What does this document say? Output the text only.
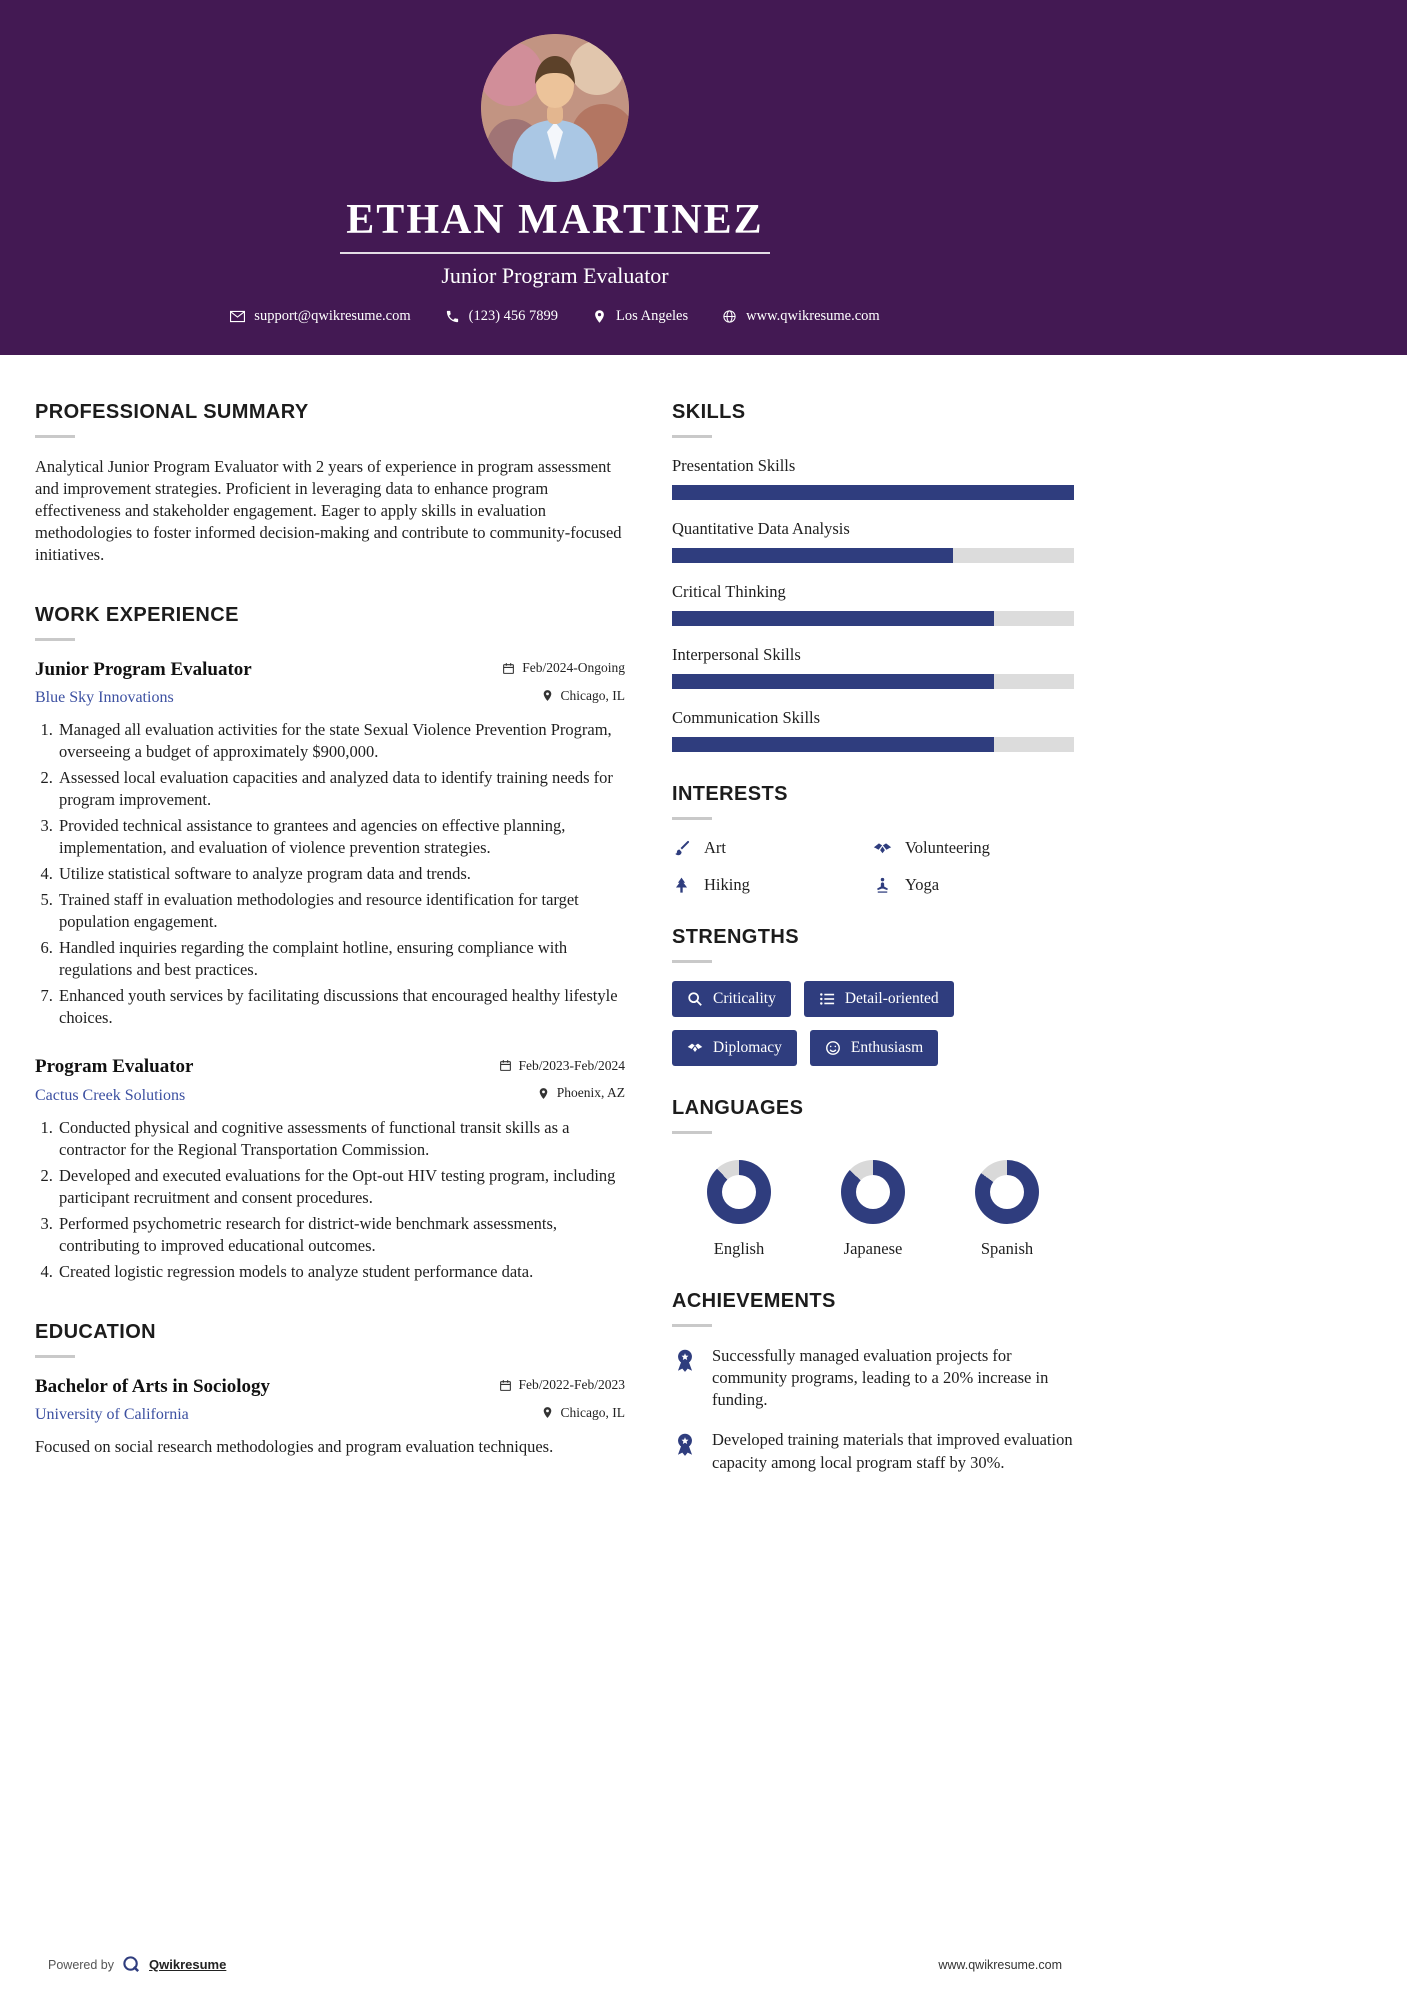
ETHAN MARTINEZ
Junior Program Evaluator
support@qwikresume.com	(123) 456 7899	Los Angeles	www.qwikresume.com
PROFESSIONAL SUMMARY

Analytical Junior Program Evaluator with 2 years of experience in program assessment and improvement strategies. Proficient in leveraging data to enhance program effectiveness and stakeholder engagement. Eager to apply skills in evaluation methodologies to foster informed decision-making and contribute to community-focused initiatives.

WORK EXPERIENCE
Junior Program Evaluator	Feb/2024-Ongoing
Blue Sky Innovations	Chicago, IL
1. Managed all evaluation activities for the state Sexual Violence Prevention Program, overseeing a budget of approximately $900,000.
2. Assessed local evaluation capacities and analyzed data to identify training needs for program improvement.
3. Provided technical assistance to grantees and agencies on effective planning, implementation, and evaluation of violence prevention strategies.
4. Utilize statistical software to analyze program data and trends.
5. Trained staff in evaluation methodologies and resource identification for target population engagement.
6. Handled inquiries regarding the complaint hotline, ensuring compliance with regulations and best practices.
7. Enhanced youth services by facilitating discussions that encouraged healthy lifestyle choices.
Program Evaluator	Feb/2023-Feb/2024
Cactus Creek Solutions	Phoenix, AZ
1. Conducted physical and cognitive assessments of functional transit skills as a contractor for the Regional Transportation Commission.
2. Developed and executed evaluations for the Opt-out HIV testing program, including participant recruitment and consent procedures.
3. Performed psychometric research for district-wide benchmark assessments, contributing to improved educational outcomes.
4. Created logistic regression models to analyze student performance data.
EDUCATION
Bachelor of Arts in Sociology	Feb/2022-Feb/2023
University of California	Chicago, IL

Focused on social research methodologies and program evaluation techniques.

SKILLS
Presentation Skills
Quantitative Data Analysis
Critical Thinking
Interpersonal Skills
Communication Skills
INTERESTS
Art	Volunteering
Hiking	Yoga
STRENGTHS
Criticality	Detail-oriented
Diplomacy	Enthusiasm
LANGUAGES
English	Japanese	Spanish
ACHIEVEMENTS
Successfully managed evaluation projects for community programs, leading to a 20% increase in funding.
Developed training materials that improved evaluation capacity among local program staff by 30%.
Powered by	Qwikresume	www.qwikresume.com
